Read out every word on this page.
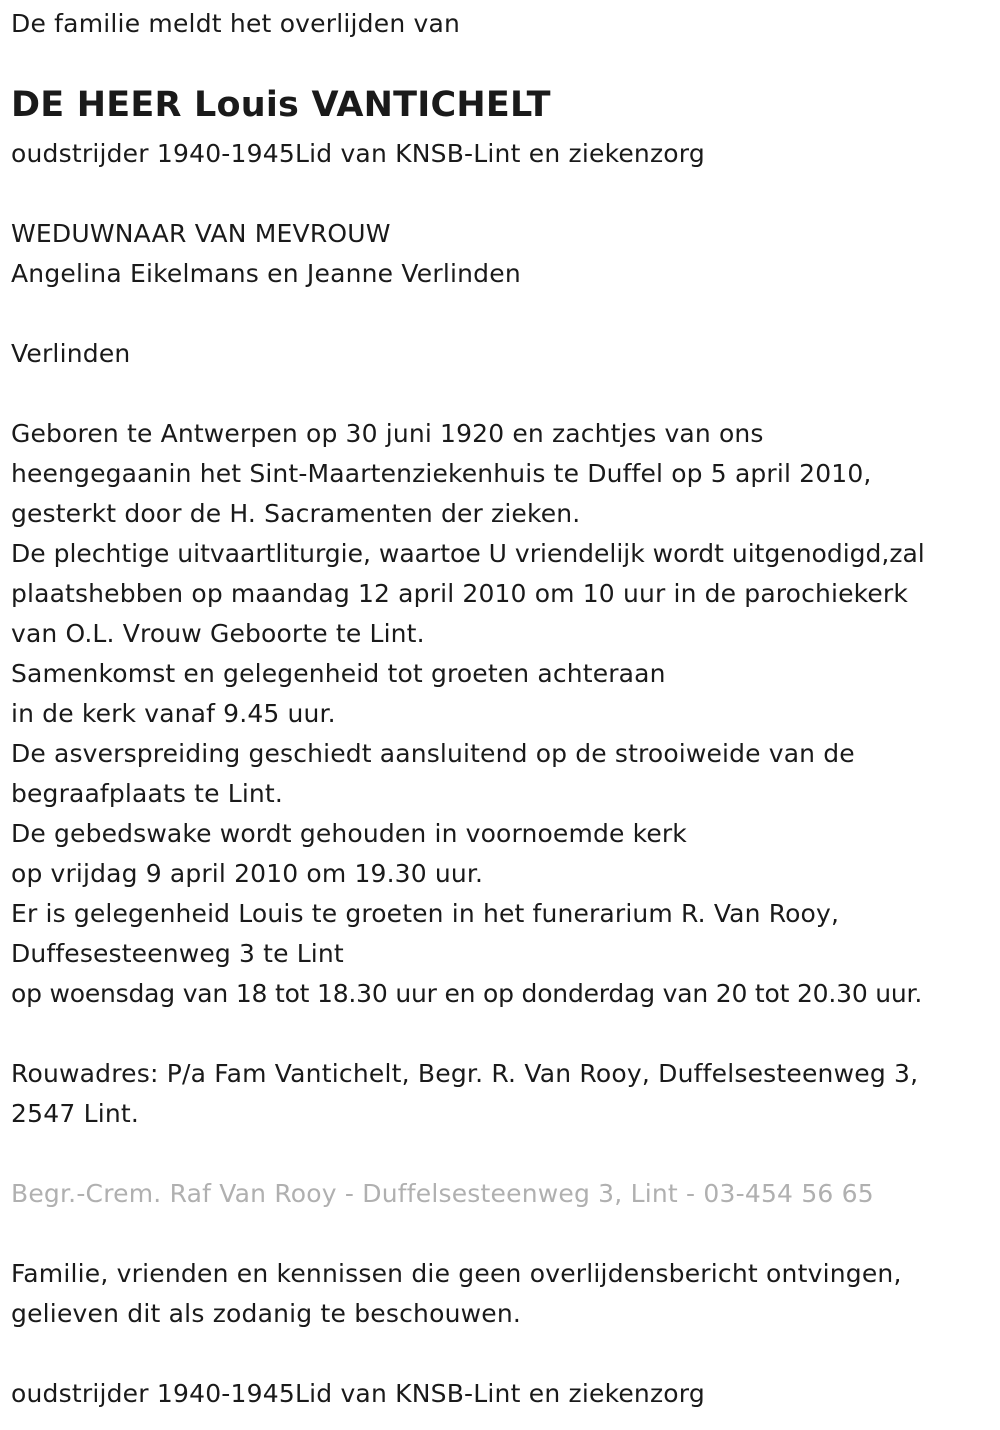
De familie meldt het overlijden van
DE HEER Louis VANTICHELT
oudstrijder 1940-1945Lid van KNSB-Lint en ziekenzorg
WEDUWNAAR VAN MEVROUW
Angelina Eikelmans en Jeanne Verlinden
Verlinden
Geboren te Antwerpen op 30 juni 1920 en zachtjes van ons
heengegaanin het Sint-Maartenziekenhuis te Duffel op 5 april 2010,
gesterkt door de H. Sacramenten der zieken.
De plechtige uitvaartliturgie, waartoe U vriendelijk wordt uitgenodigd,zal
plaatshebben op maandag 12 april 2010 om 10 uur in de parochiekerk
van O.L. Vrouw Geboorte te Lint.
Samenkomst en gelegenheid tot groeten achteraan
in de kerk vanaf 9.45 uur.
De asverspreiding geschiedt aansluitend op de strooiweide van de
begraafplaats te Lint.
De gebedswake wordt gehouden in voornoemde kerk
op vrijdag 9 april 2010 om 19.30 uur.
Er is gelegenheid Louis te groeten in het funerarium R. Van Rooy,
Duffesesteenweg 3 te Lint
op woensdag van 18 tot 18.30 uur en op donderdag van 20 tot 20.30 uur.
Rouwadres: P/a Fam Vantichelt, Begr. R. Van Rooy, Duffelsesteenweg 3,
2547 Lint.
Begr.-Crem. Raf Van Rooy - Duffelsesteenweg 3, Lint - 03-454 56 65
Familie, vrienden en kennissen die geen overlijdensbericht ontvingen,
gelieven dit als zodanig te beschouwen.
oudstrijder 1940-1945Lid van KNSB-Lint en ziekenzorg
